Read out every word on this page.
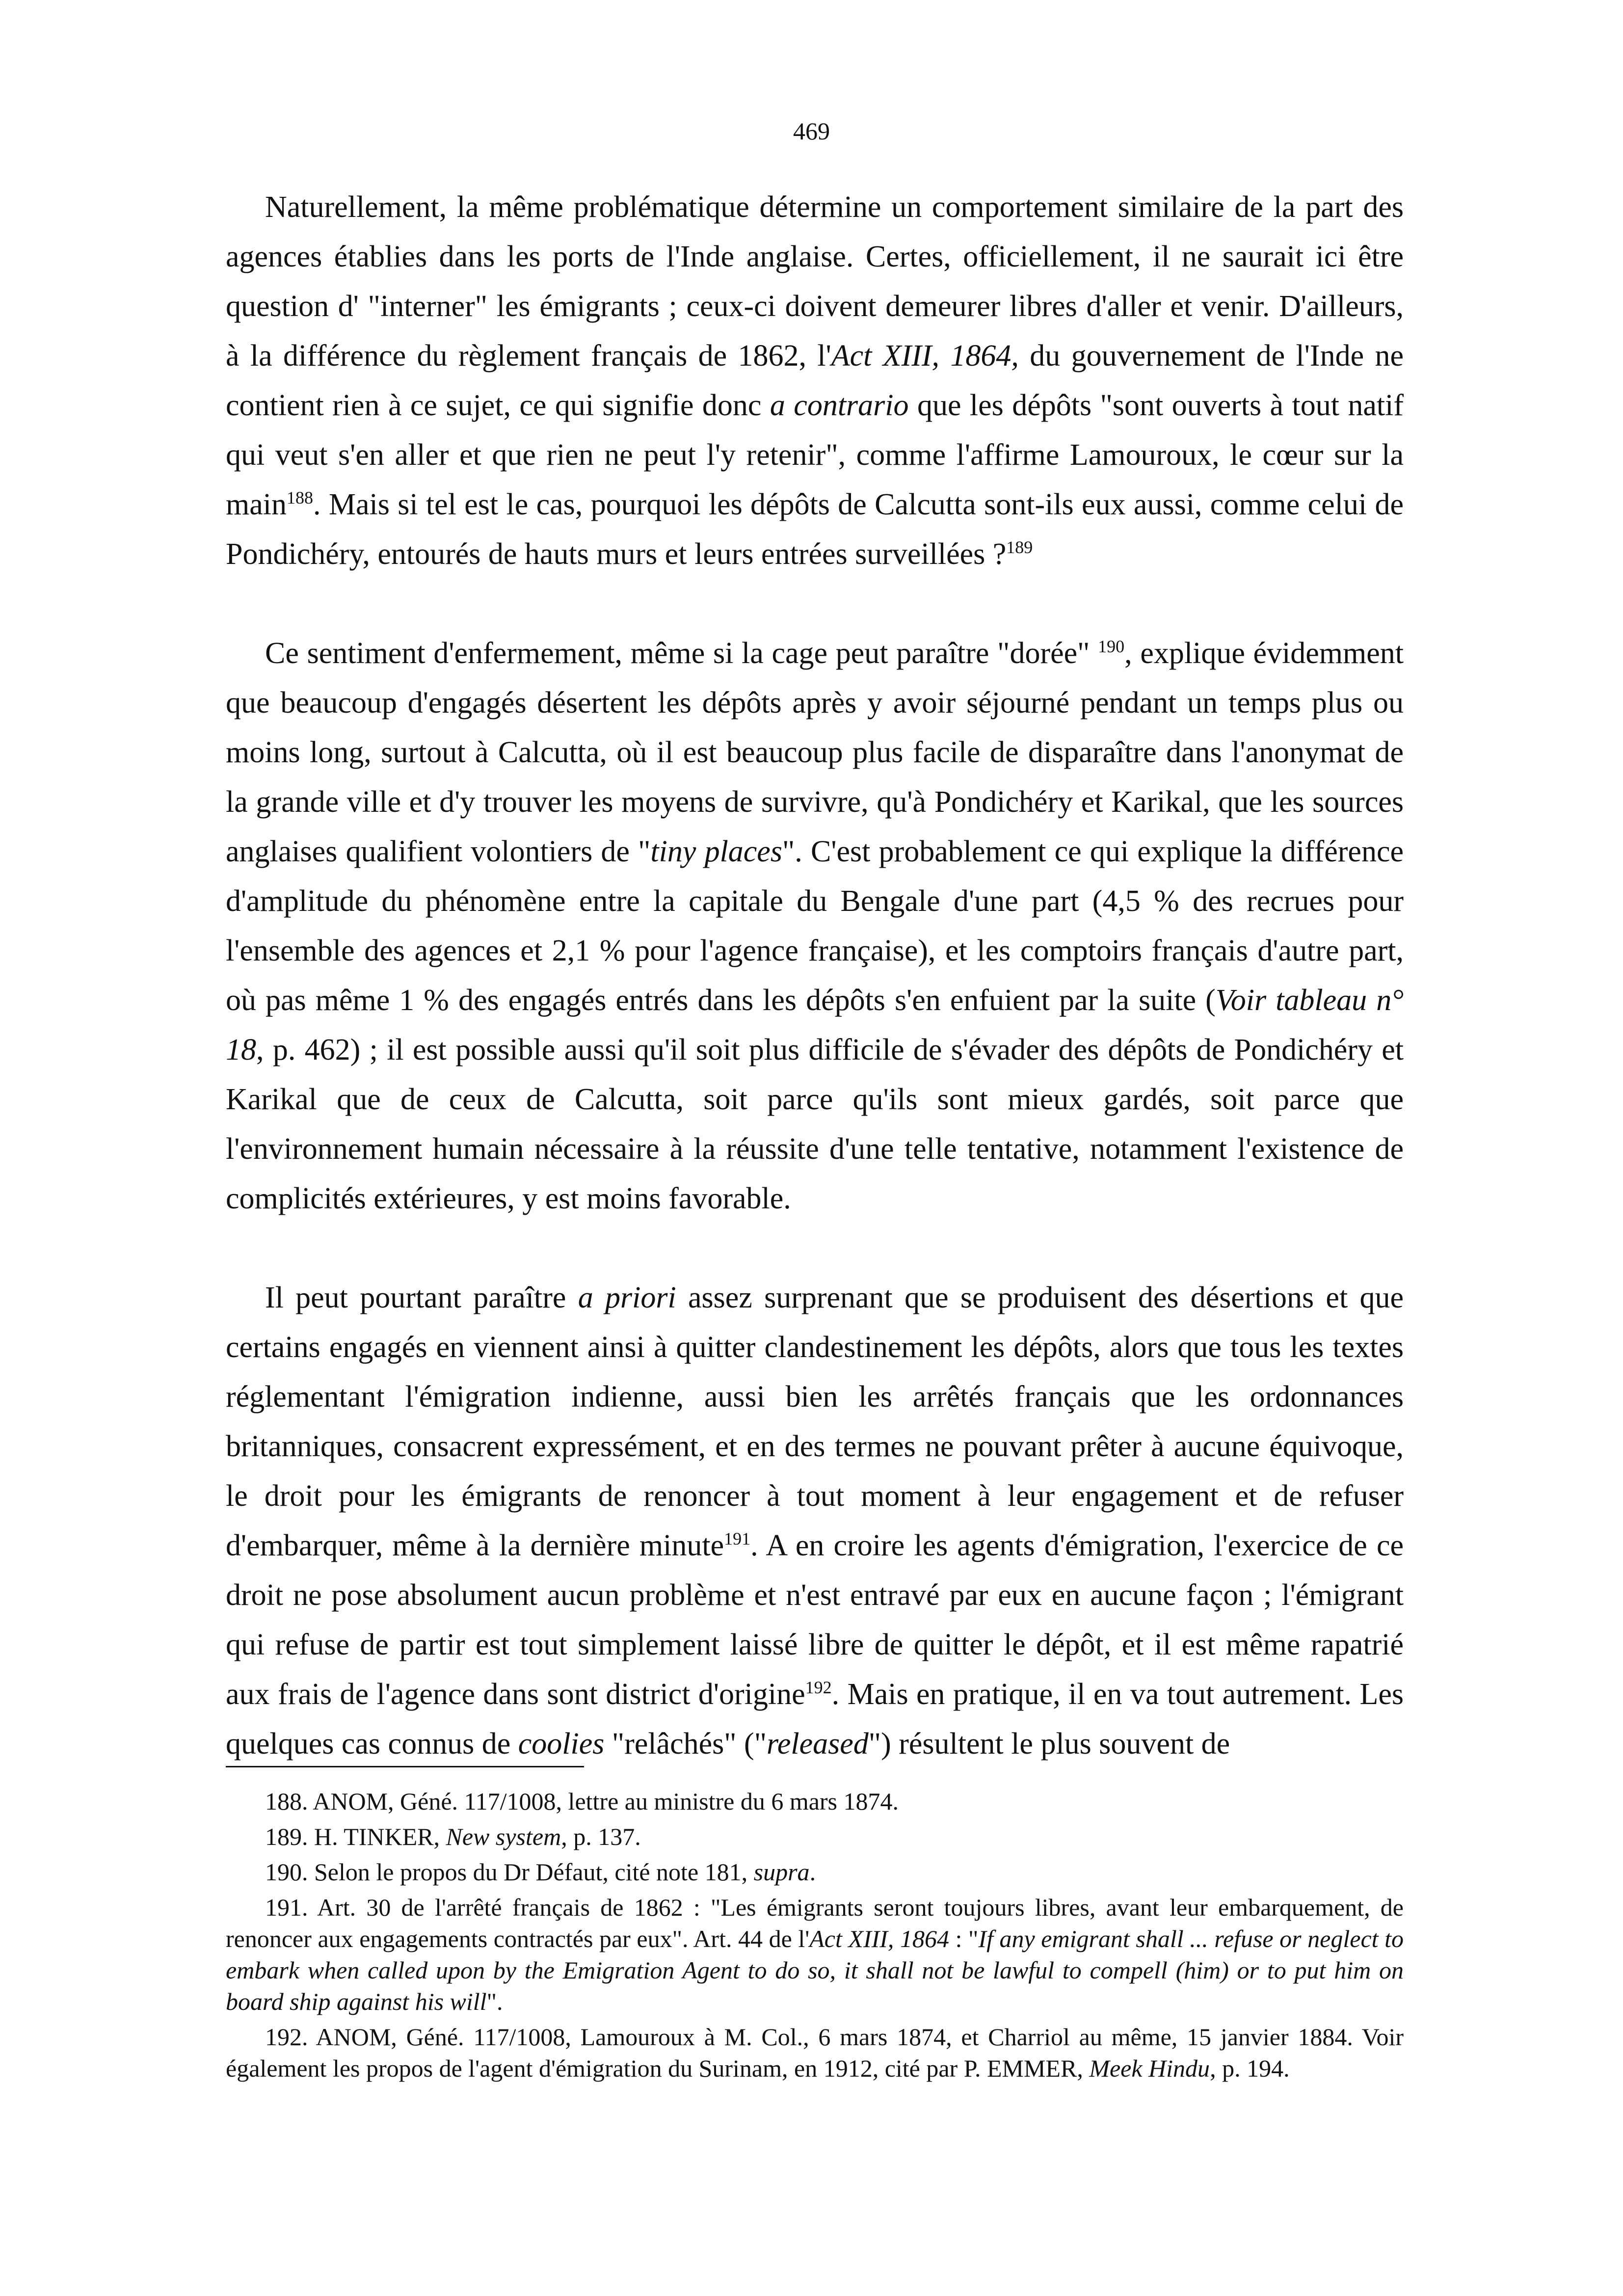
469

Naturellement, la même problématique détermine un comportement similaire de la part des agences établies dans les ports de l'Inde anglaise. Certes, officiellement, il ne saurait ici être question d' "interner" les émigrants ; ceux-ci doivent demeurer libres d'aller et venir. D'ailleurs, à la différence du règlement français de 1862, l'Act XIII, 1864, du gouvernement de l'Inde ne contient rien à ce sujet, ce qui signifie donc a contrario que les dépôts "sont ouverts à tout natif qui veut s'en aller et que rien ne peut l'y retenir", comme l'affirme Lamouroux, le cœur sur la main$^{188}$. Mais si tel est le cas, pourquoi les dépôts de Calcutta sont-ils eux aussi, comme celui de Pondichéry, entourés de hauts murs et leurs entrées surveillées ?$^{189}$

Ce sentiment d'enfermement, même si la cage peut paraître "dorée" $^{190}$, explique évidemment que beaucoup d'engagés désertent les dépôts après y avoir séjourné pendant un temps plus ou moins long, surtout à Calcutta, où il est beaucoup plus facile de disparaître dans l'anonymat de la grande ville et d'y trouver les moyens de survivre, qu'à Pondichéry et Karikal, que les sources anglaises qualifient volontiers de "tiny places". C'est probablement ce qui explique la différence d'amplitude du phénomène entre la capitale du Bengale d'une part (4,5 % des recrues pour l'ensemble des agences et 2,1 % pour l'agence française), et les comptoirs français d'autre part, où pas même 1 % des engagés entrés dans les dépôts s'en enfuient par la suite (Voir tableau n° 18, p. 462) ; il est possible aussi qu'il soit plus difficile de s'évader des dépôts de Pondichéry et Karikal que de ceux de Calcutta, soit parce qu'ils sont mieux gardés, soit parce que l'environnement humain nécessaire à la réussite d'une telle tentative, notamment l'existence de complicités extérieures, y est moins favorable.

Il peut pourtant paraître a priori assez surprenant que se produisent des désertions et que certains engagés en viennent ainsi à quitter clandestinement les dépôts, alors que tous les textes réglementant l'émigration indienne, aussi bien les arrêtés français que les ordonnances britanniques, consacrent expressément, et en des termes ne pouvant prêter à aucune équivoque, le droit pour les émigrants de renoncer à tout moment à leur engagement et de refuser d'embarquer, même à la dernière minute$^{191}$. A en croire les agents d'émigration, l'exercice de ce droit ne pose absolument aucun problème et n'est entravé par eux en aucune façon ; l'émigrant qui refuse de partir est tout simplement laissé libre de quitter le dépôt, et il est même rapatrié aux frais de l'agence dans sont district d'origine$^{192}$. Mais en pratique, il en va tout autrement. Les quelques cas connus de coolies "relâchés" ("released") résultent le plus souvent de

188. ANOM, Géné. 117/1008, lettre au ministre du 6 mars 1874.

189. H. TINKER, New system, p. 137.

190. Selon le propos du Dr Défaut, cité note 181, supra.

191. Art. 30 de l'arrêté français de 1862 : "Les émigrants seront toujours libres, avant leur embarquement, de renoncer aux engagements contractés par eux". Art. 44 de l'Act XIII, 1864 : "If any emigrant shall ... refuse or neglect to embark when called upon by the Emigration Agent to do so, it shall not be lawful to compell (him) or to put him on board ship against his will".

192. ANOM, Géné. 117/1008, Lamouroux à M. Col., 6 mars 1874, et Charriol au même, 15 janvier 1884. Voir également les propos de l'agent d'émigration du Surinam, en 1912, cité par P. EMMER, Meek Hindu, p. 194.
